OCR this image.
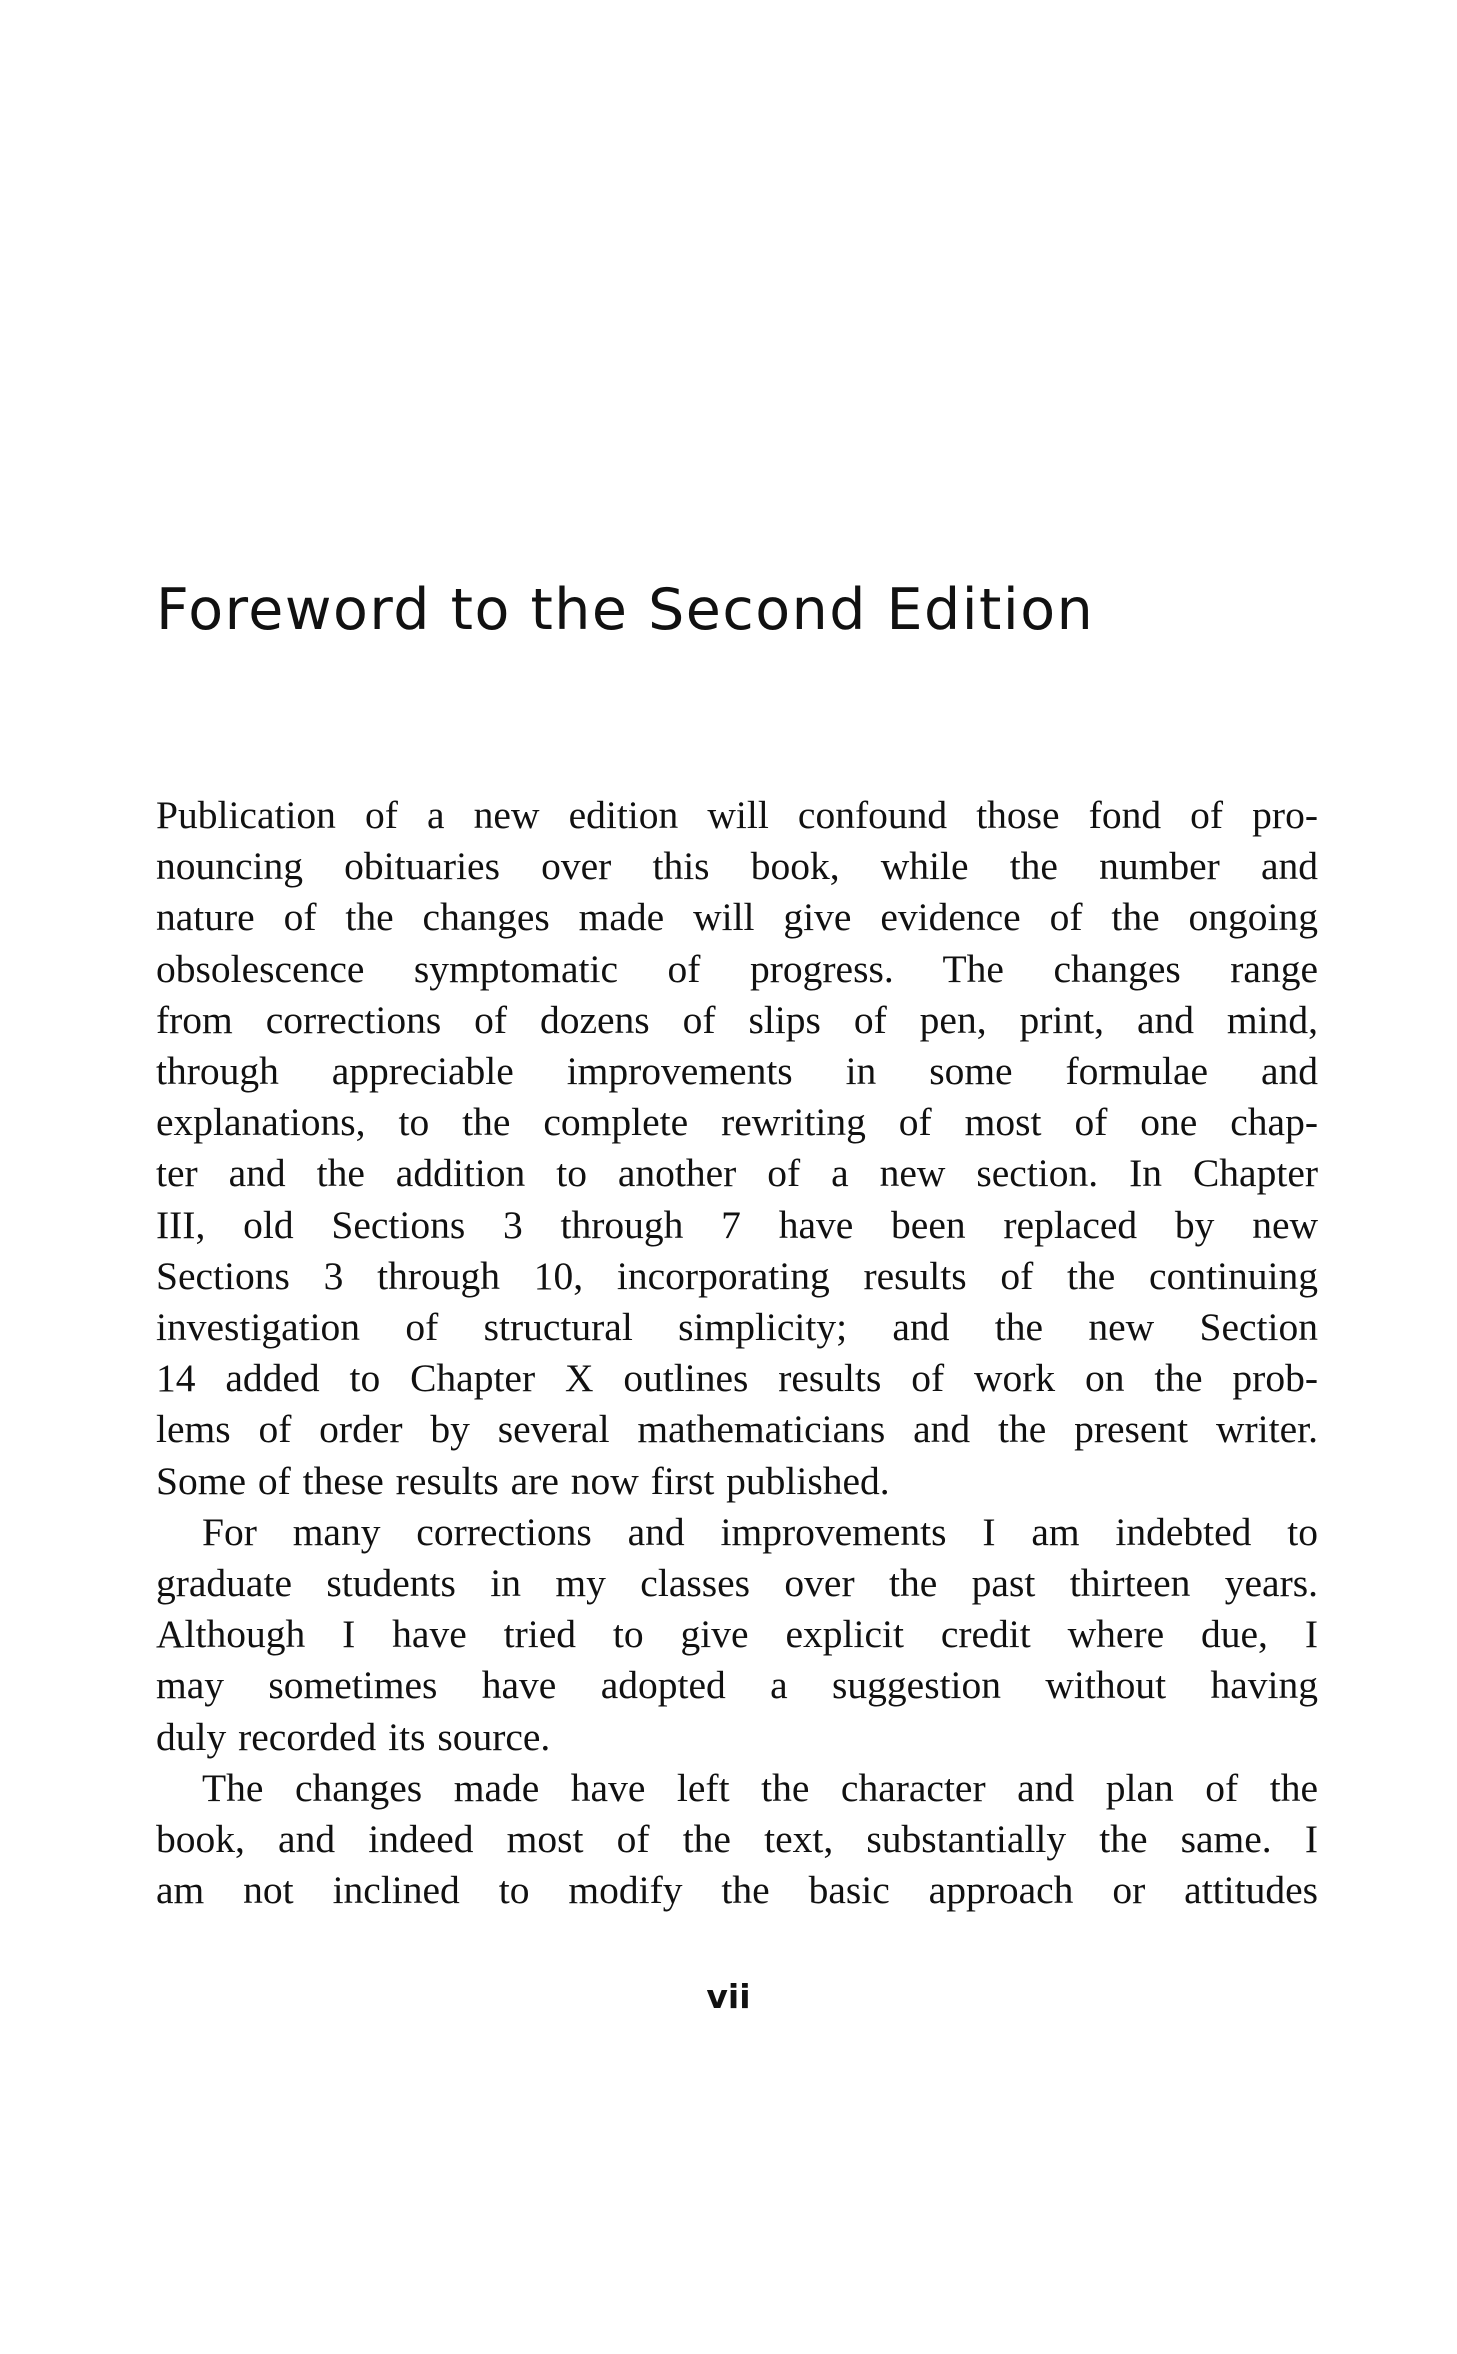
Foreword to the Second Edition

Publication of a new edition will confound those fond of pro-
nouncing obituaries over this book, while the number and
nature of the changes made will give evidence of the ongoing
obsolescence symptomatic of progress. The changes range
from corrections of dozens of slips of pen, print, and mind,
through appreciable improvements in some formulae and
explanations, to the complete rewriting of most of one chap-
ter and the addition to another of a new section. In Chapter
III, old Sections 3 through 7 have been replaced by new
Sections 3 through 10, incorporating results of the continuing
investigation of structural simplicity; and the new Section
14 added to Chapter X outlines results of work on the prob-
lems of order by several mathematicians and the present writer.
Some of these results are now first published.

For many corrections and improvements I am indebted to
graduate students in my classes over the past thirteen years.
Although I have tried to give explicit credit where due, I
may sometimes have adopted a suggestion without having
duly recorded its source.

The changes made have left the character and plan of the
book, and indeed most of the text, substantially the same. I
am not inclined to modify the basic approach or attitudes

vii
